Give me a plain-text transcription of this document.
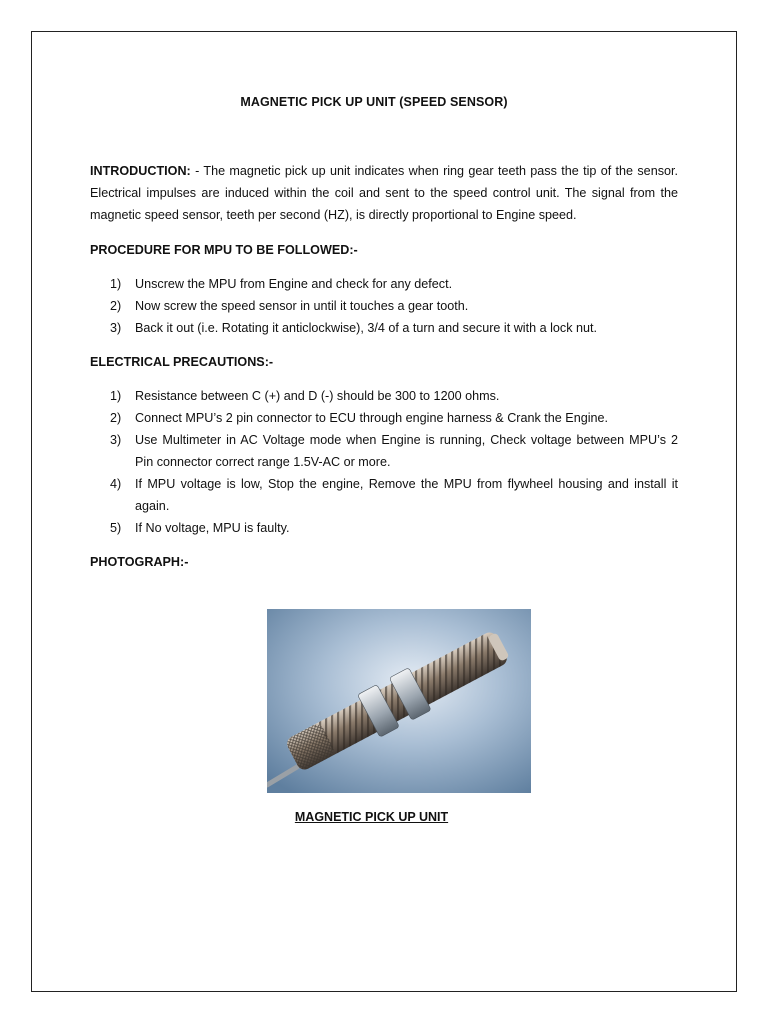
MAGNETIC PICK UP UNIT (SPEED SENSOR)

INTRODUCTION: - The magnetic pick up unit indicates when ring gear teeth pass the tip of the sensor. Electrical impulses are induced within the coil and sent to the speed control unit. The signal from the magnetic speed sensor, teeth per second (HZ), is directly proportional to Engine speed.

PROCEDURE FOR MPU TO BE FOLLOWED:-

1) Unscrew the MPU from Engine and check for any defect.
2) Now screw the speed sensor in until it touches a gear tooth.
3) Back it out (i.e. Rotating it anticlockwise), 3/4 of a turn and secure it with a lock nut.

ELECTRICAL PRECAUTIONS:-

1) Resistance between C (+) and D (-) should be 300 to 1200 ohms.
2) Connect MPU’s 2 pin connector to ECU through engine harness & Crank the Engine.
3) Use Multimeter in AC Voltage mode when Engine is running, Check voltage between MPU’s 2 Pin connector correct range 1.5V-AC or more.
4) If MPU voltage is low, Stop the engine, Remove the MPU from flywheel housing and install it again.
5) If No voltage, MPU is faulty.

PHOTOGRAPH:-

MAGNETIC PICK UP UNIT
